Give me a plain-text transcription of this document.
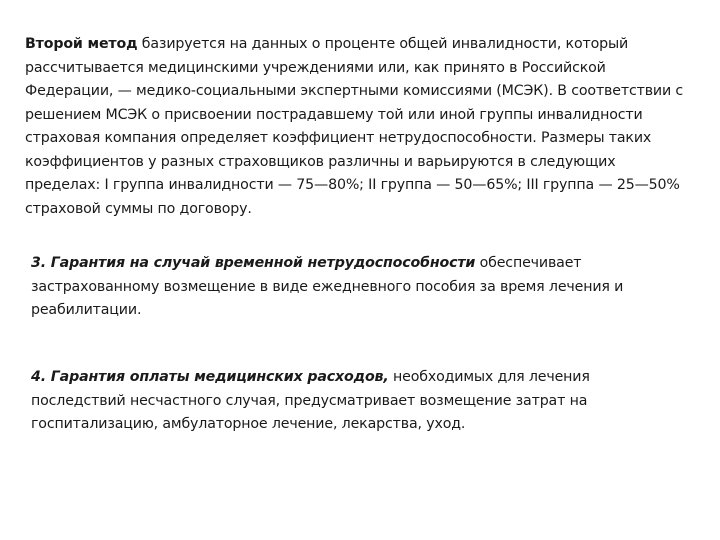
Второй метод базируется на данных о проценте общей инвалидности, который рассчитывается медицинскими учреждениями или, как принято в Российской Федерации, — медико-социальными экспертными комиссиями (МСЭК). В соответствии с решением МСЭК о присвоении пострадавшему той или иной группы инвалидности страховая компания определяет коэффициент нетрудоспособности. Размеры таких коэффициентов у разных страховщиков различны и варьируются в следующих пределах: I группа инвалидности — 75—80%; II группа — 50—65%; III группа — 25—50% страховой суммы по договору.

3. Гарантия на случай временной нетрудоспособности обеспечивает застрахованному возмещение в виде ежедневного пособия за время лечения и реабилитации.

4. Гарантия оплаты медицинских расходов, необходимых для лечения последствий несчастного случая, предусматривает возмещение затрат на госпитализацию, амбулаторное лечение, лекарства, уход.
